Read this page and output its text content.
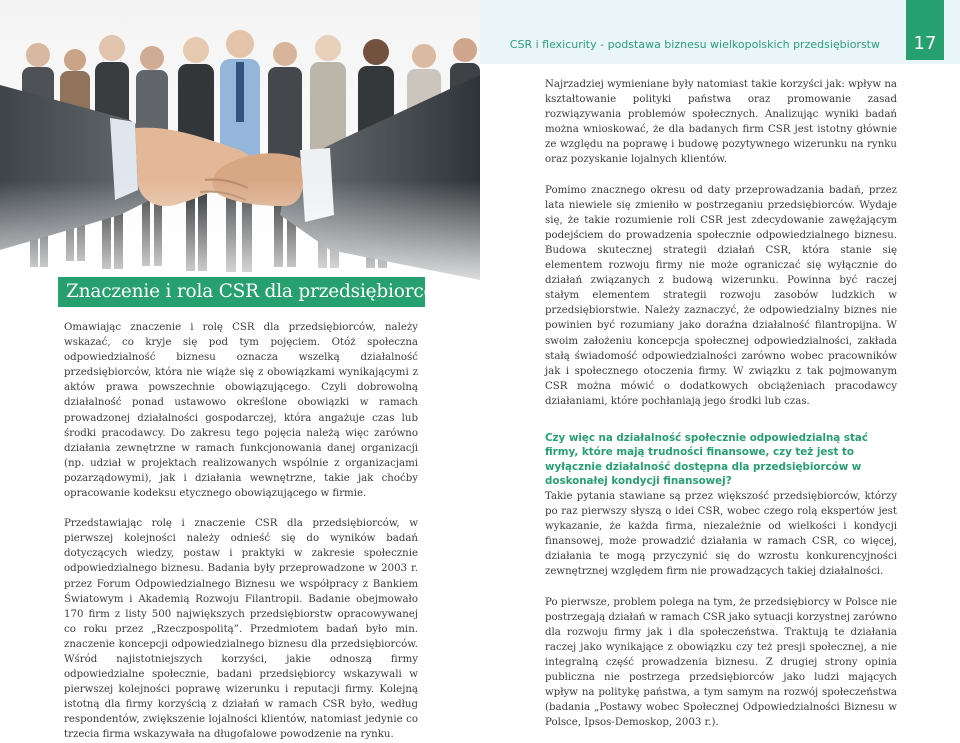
CSR i flexicurity - podstawa biznesu wielkopolskich przedsiębiorstw 17
Znaczenie i rola CSR dla przedsiębiorców

Omawiając znaczenie i rolę CSR dla przedsiębiorców, należy wskazać, co kryje się pod tym pojęciem. Otóż społeczna odpowiedzialność biznesu oznacza wszelką działalność przedsiębiorców, która nie wiąże się z obowiązkami wynikającymi z aktów prawa powszechnie obowiązującego. Czyli dobrowolną działalność ponad ustawowo określone obowiązki w ramach prowadzonej działalności gospodarczej, która angażuje czas lub środki pracodawcy. Do zakresu tego pojęcia należą więc zarówno działania zewnętrzne w ramach funkcjonowania danej organizacji (np. udział w projektach realizowanych wspólnie z organizacjami pozarządowymi), jak i działania wewnętrzne, takie jak choćby opracowanie kodeksu etycznego obowiązującego w firmie.

Przedstawiając rolę i znaczenie CSR dla przedsiębiorców, w pierwszej kolejności należy odnieść się do wyników badań dotyczących wiedzy, postaw i praktyki w zakresie społecznie odpowiedzialnego biznesu. Badania były przeprowadzone w 2003 r. przez Forum Odpowiedzialnego Biznesu we współpracy z Bankiem Światowym i Akademią Rozwoju Filantropii. Badanie obejmowało 170 firm z listy 500 największych przedsiębiorstw opracowywanej co roku przez „Rzeczpospolitą”. Przedmiotem badań było min. znaczenie koncepcji odpowiedzialnego biznesu dla przedsiębiorców. Wśród najistotniejszych korzyści, jakie odnoszą firmy odpowiedzialne społecznie, badani przedsiębiorcy wskazywali w pierwszej kolejności poprawę wizerunku i reputacji firmy. Kolejną istotną dla firmy korzyścią z działań w ramach CSR było, według respondentów, zwiększenie lojalności klientów, natomiast jedynie co trzecia firma wskazywała na długofalowe powodzenie na rynku.

Najrzadziej wymieniane były natomiast takie korzyści jak: wpływ na kształtowanie polityki państwa oraz promowanie zasad rozwiązywania problemów społecznych. Analizując wyniki badań można wnioskować, że dla badanych firm CSR jest istotny głównie ze względu na poprawę i budowę pozytywnego wizerunku na rynku oraz pozyskanie lojalnych klientów.

Pomimo znacznego okresu od daty przeprowadzania badań, przez lata niewiele się zmieniło w postrzeganiu przedsiębiorców. Wydaje się, że takie rozumienie roli CSR jest zdecydowanie zawężającym podejściem do prowadzenia społecznie odpowiedzialnego biznesu. Budowa skutecznej strategii działań CSR, która stanie się elementem rozwoju firmy nie może ograniczać się wyłącznie do działań związanych z budową wizerunku. Powinna być raczej stałym elementem strategii rozwoju zasobów ludzkich w przedsiębiorstwie. Należy zaznaczyć, że odpowiedzialny biznes nie powinien być rozumiany jako doraźna działalność filantropijna. W swoim założeniu koncepcja społecznej odpowiedzialności, zakłada stałą świadomość odpowiedzialności zarówno wobec pracowników jak i społecznego otoczenia firmy. W związku z tak pojmowanym CSR można mówić o dodatkowych obciążeniach pracodawcy działaniami, które pochłaniają jego środki lub czas.

Czy więc na działalność społecznie odpowiedzialną stać firmy, które mają trudności finansowe, czy też jest to wyłącznie działalność dostępna dla przedsiębiorców w doskonałej kondycji finansowej?

Takie pytania stawiane są przez większość przedsiębiorców, którzy po raz pierwszy słyszą o idei CSR, wobec czego rolą ekspertów jest wykazanie, że każda firma, niezależnie od wielkości i kondycji finansowej, może prowadzić działania w ramach CSR, co więcej, działania te mogą przyczynić się do wzrostu konkurencyjności zewnętrznej względem firm nie prowadzących takiej działalności.

Po pierwsze, problem polega na tym, że przedsiębiorcy w Polsce nie postrzegają działań w ramach CSR jako sytuacji korzystnej zarówno dla rozwoju firmy jak i dla społeczeństwa. Traktują te działania raczej jako wynikające z obowiązku czy też presji społecznej, a nie integralną część prowadzenia biznesu. Z drugiej strony opinia publiczna nie postrzega przedsiębiorców jako ludzi mających wpływ na politykę państwa, a tym samym na rozwój społeczeństwa (badania „Postawy wobec Społecznej Odpowiedzialności Biznesu w Polsce, Ipsos-Demoskop, 2003 r.).
